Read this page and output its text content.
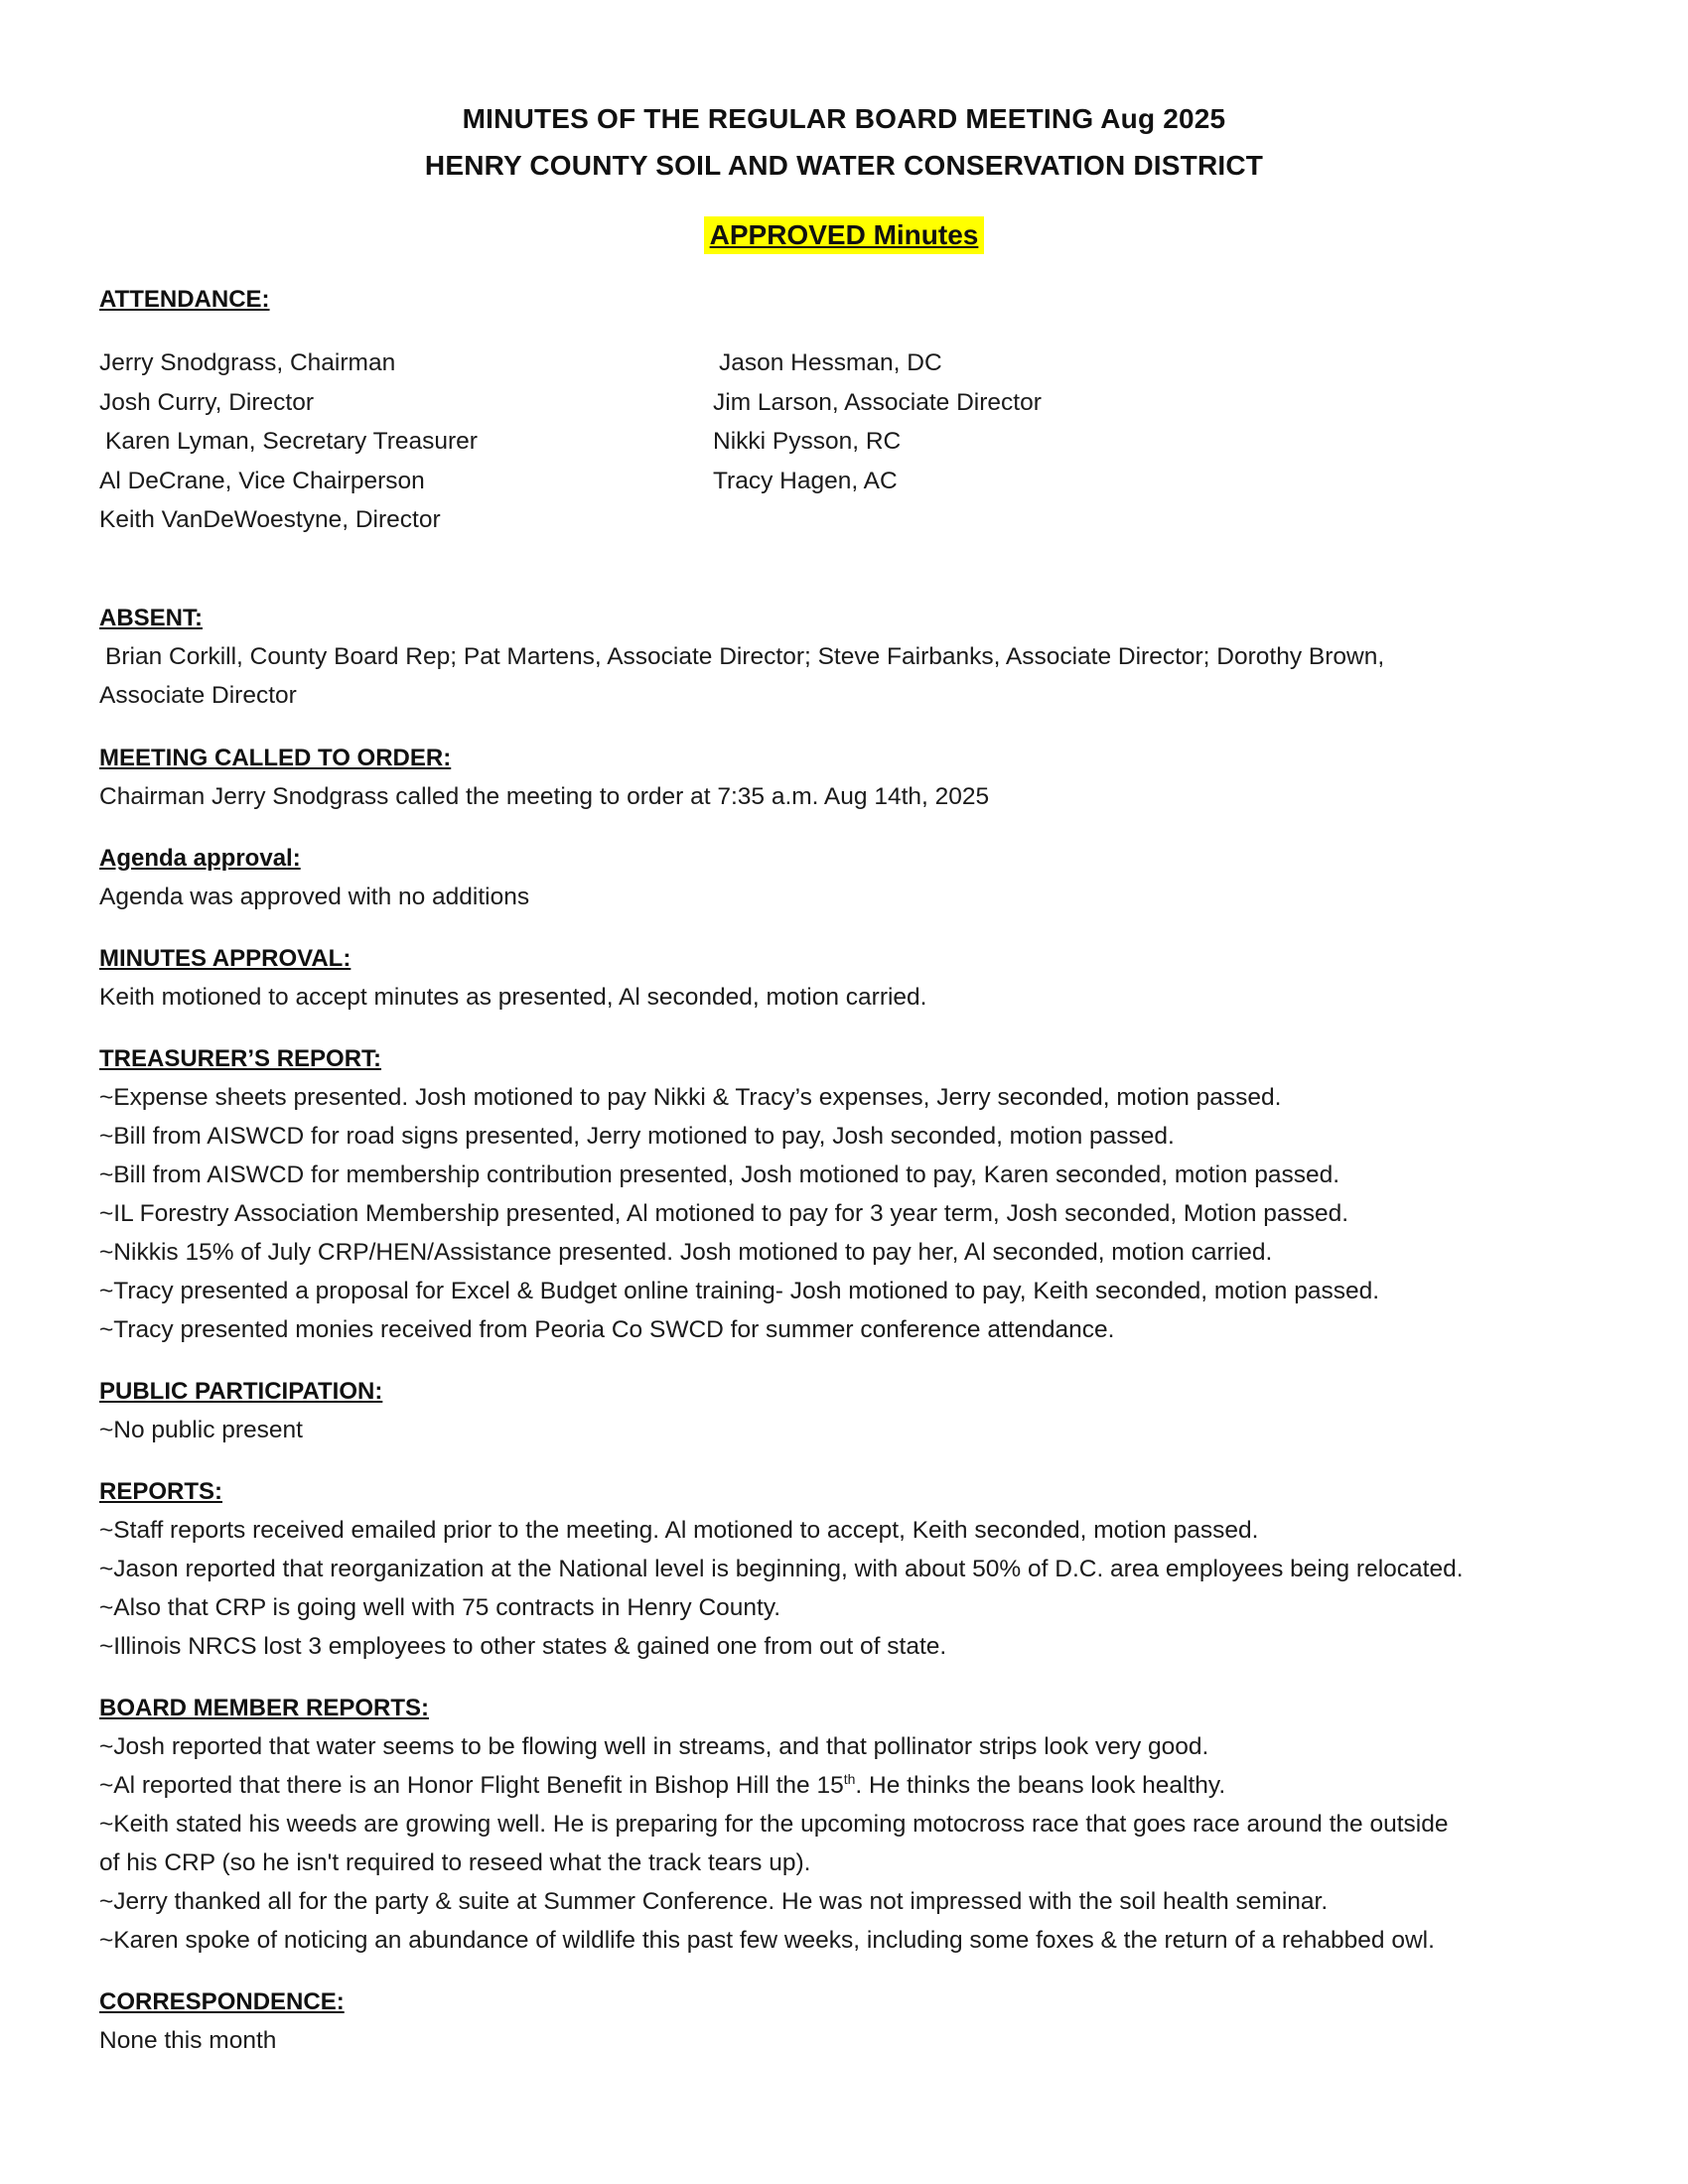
MINUTES OF THE REGULAR BOARD MEETING Aug 2025
HENRY COUNTY SOIL AND WATER CONSERVATION DISTRICT
APPROVED Minutes
ATTENDANCE:
Jerry Snodgrass, Chairman
Josh Curry, Director
Karen Lyman, Secretary Treasurer
Al DeCrane, Vice Chairperson
Keith VanDeWoestyne, Director
Jason Hessman, DC
Jim Larson, Associate Director
Nikki Pysson, RC
Tracy Hagen, AC
ABSENT:
Brian Corkill, County Board Rep; Pat Martens, Associate Director; Steve Fairbanks, Associate Director; Dorothy Brown,
Associate Director
MEETING CALLED TO ORDER:
Chairman Jerry Snodgrass called the meeting to order at 7:35 a.m. Aug 14th, 2025
Agenda approval:
Agenda was approved with no additions
MINUTES APPROVAL:
Keith motioned to accept minutes as presented, Al seconded, motion carried.
TREASURER’S REPORT:
~Expense sheets presented. Josh motioned to pay Nikki & Tracy’s expenses, Jerry seconded, motion passed.
~Bill from AISWCD for road signs presented, Jerry motioned to pay, Josh seconded, motion passed.
~Bill from AISWCD for membership contribution presented, Josh motioned to pay, Karen seconded, motion passed.
~IL Forestry Association Membership presented, Al motioned to pay for 3 year term, Josh seconded, Motion passed.
~Nikkis 15% of July CRP/HEN/Assistance presented. Josh motioned to pay her, Al seconded, motion carried.
~Tracy presented a proposal for Excel & Budget online training- Josh motioned to pay, Keith seconded, motion passed.
~Tracy presented monies received from Peoria Co SWCD for summer conference attendance.
PUBLIC PARTICIPATION:
~No public present
REPORTS:
~Staff reports received emailed prior to the meeting. Al motioned to accept, Keith seconded, motion passed.
~Jason reported that reorganization at the National level is beginning, with about 50% of D.C. area employees being relocated.
~Also that CRP is going well with 75 contracts in Henry County.
~Illinois NRCS lost 3 employees to other states & gained one from out of state.
BOARD MEMBER REPORTS:
~Josh reported that water seems to be flowing well in streams, and that pollinator strips look very good.
~Al reported that there is an Honor Flight Benefit in Bishop Hill the 15th. He thinks the beans look healthy.
~Keith stated his weeds are growing well. He is preparing for the upcoming motocross race that goes race around the outside
of his CRP (so he isn't required to reseed what the track tears up).
~Jerry thanked all for the party & suite at Summer Conference. He was not impressed with the soil health seminar.
~Karen spoke of noticing an abundance of wildlife this past few weeks, including some foxes & the return of a rehabbed owl.
CORRESPONDENCE:
None this month
